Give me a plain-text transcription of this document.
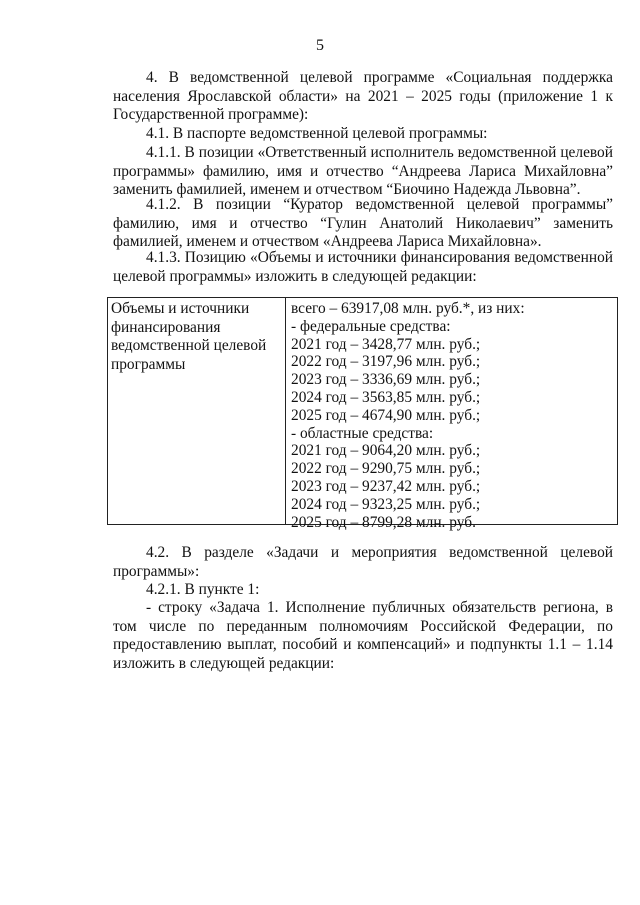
5

4. В ведомственной целевой программе «Социальная поддержка населения Ярославской области» на 2021 – 2025 годы (приложение 1 к Государственной программе):

4.1. В паспорте ведомственной целевой программы:

4.1.1. В позиции «Ответственный исполнитель ведомственной целевой программы» фамилию, имя и отчество “Андреева Лариса Михайловна” заменить фамилией, именем и отчеством “Биочино Надежда Львовна”.

4.1.2. В позиции “Куратор ведомственной целевой программы” фамилию, имя и отчество “Гулин Анатолий Николаевич” заменить фамилией, именем и отчеством «Андреева Лариса Михайловна».

4.1.3. Позицию «Объемы и источники финансирования ведомственной целевой программы» изложить в следующей редакции:

Объемы и источники финансирования ведомственной целевой программы
всего – 63917,08 млн. руб.*, из них:
- федеральные средства:
2021 год – 3428,77 млн. руб.;
2022 год – 3197,96 млн. руб.;
2023 год – 3336,69 млн. руб.;
2024 год – 3563,85 млн. руб.;
2025 год – 4674,90 млн. руб.;
- областные средства:
2021 год – 9064,20 млн. руб.;
2022 год – 9290,75 млн. руб.;
2023 год – 9237,42 млн. руб.;
2024 год – 9323,25 млн. руб.;
2025 год – 8799,28 млн. руб.

4.2. В разделе «Задачи и мероприятия ведомственной целевой программы»:

4.2.1. В пункте 1:

- строку «Задача 1. Исполнение публичных обязательств региона, в том числе по переданным полномочиям Российской Федерации, по предоставлению выплат, пособий и компенсаций» и подпункты 1.1 – 1.14 изложить в следующей редакции:
